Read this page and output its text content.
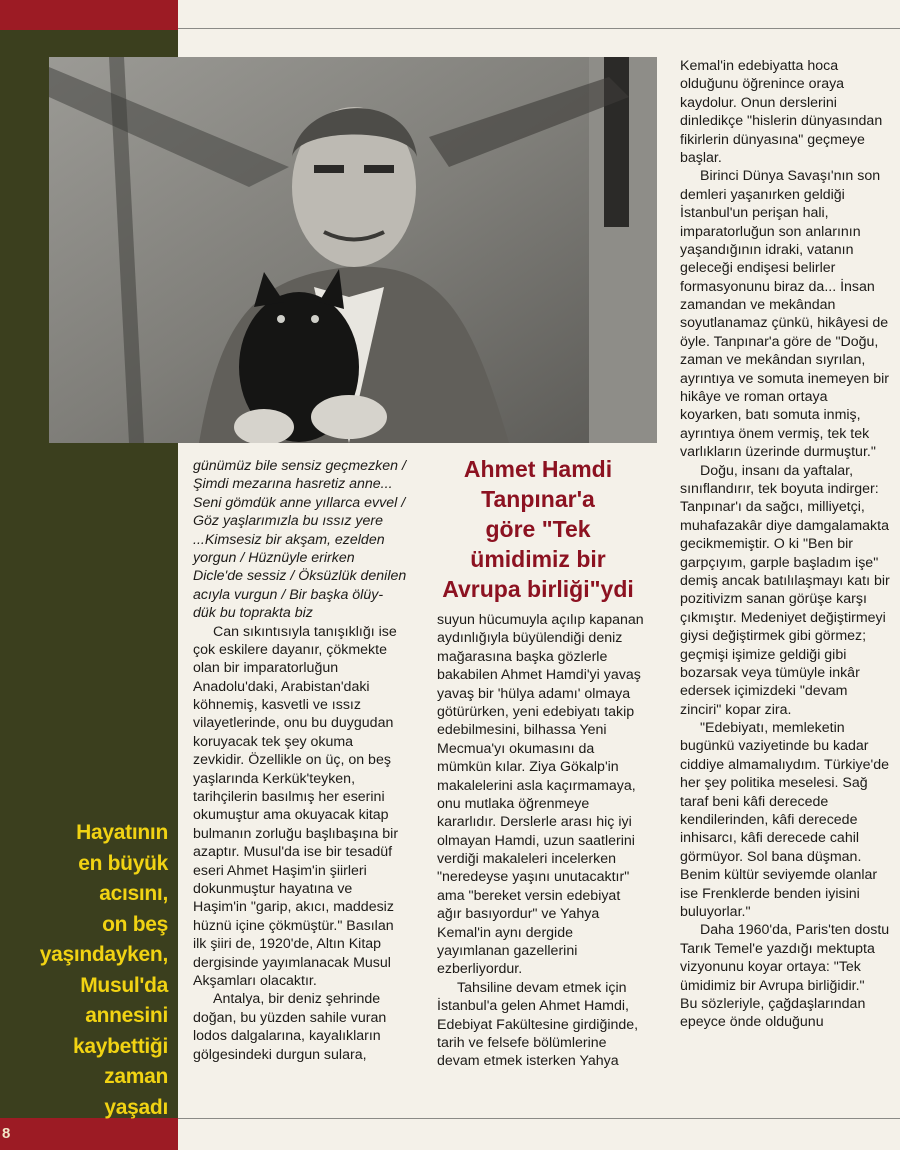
8
Ahmet Hamdi
Tanpınar'a
göre "Tek
ümidimiz bir
Avrupa birliği"ydi
Hayatının
en büyük
acısını,
on beş
yaşındayken,
Musul'da
annesini
kaybettiği
zaman
yaşadı
günümüz bile sensiz geçmezken /
Şimdi mezarına hasretiz anne...
Seni gömdük anne yıllarca evvel /
Göz yaşlarımızla bu ıssız yere
...Kimsesiz bir akşam, ezelden
yorgun / Hüznüyle erirken
Dicle'de sessiz / Öksüzlük denilen
acıyla vurgun / Bir başka ölüy-
dük bu toprakta biz
Can sıkıntısıyla tanışıklığı ise
çok eskilere dayanır, çökmekte
olan bir imparatorluğun
Anadolu'daki, Arabistan'daki
köhnemiş, kasvetli ve ıssız
vilayetlerinde, onu bu duygudan
koruyacak tek şey okuma
zevkidir. Özellikle on üç, on beş
yaşlarında Kerkük'teyken,
tarihçilerin basılmış her eserini
okumuştur ama okuyacak kitap
bulmanın zorluğu başlıbaşına bir
azaptır. Musul'da ise bir tesadüf
eseri Ahmet Haşim'in şiirleri
dokunmuştur hayatına ve
Haşim'in "garip, akıcı, maddesiz
hüznü içine çökmüştür." Basılan
ilk şiiri de, 1920'de, Altın Kitap
dergisinde yayımlanacak Musul
Akşamları olacaktır.
Antalya, bir deniz şehrinde
doğan, bu yüzden sahile vuran
lodos dalgalarına, kayalıkların
gölgesindeki durgun sulara,
suyun hücumuyla açılıp kapanan
aydınlığıyla büyülendiği deniz
mağarasına başka gözlerle
bakabilen Ahmet Hamdi'yi yavaş
yavaş bir 'hülya adamı' olmaya
götürürken, yeni edebiyatı takip
edebilmesini, bilhassa Yeni
Mecmua'yı okumasını da
mümkün kılar. Ziya Gökalp'in
makalelerini asla kaçırmamaya,
onu mutlaka öğrenmeye
kararlıdır. Derslerle arası hiç iyi
olmayan Hamdi, uzun saatlerini
verdiği makaleleri incelerken
"neredeyse yaşını unutacaktır"
ama "bereket versin edebiyat
ağır basıyordur" ve Yahya
Kemal'in aynı dergide
yayımlanan gazellerini
ezberliyordur.
Tahsiline devam etmek için
İstanbul'a gelen Ahmet Hamdi,
Edebiyat Fakültesine girdiğinde,
tarih ve felsefe bölümlerine
devam etmek isterken Yahya
Kemal'in edebiyatta hoca
olduğunu öğrenince oraya
kaydolur. Onun derslerini
dinledikçe "hislerin dünyasından
fikirlerin dünyasına" geçmeye
başlar.
Birinci Dünya Savaşı'nın son
demleri yaşanırken geldiği
İstanbul'un perişan hali,
imparatorluğun son anlarının
yaşandığının idraki, vatanın
geleceği endişesi belirler
formasyonunu biraz da... İnsan
zamandan ve mekândan
soyutlanamaz çünkü, hikâyesi de
öyle. Tanpınar'a göre de "Doğu,
zaman ve mekândan sıyrılan,
ayrıntıya ve somuta inemeyen bir
hikâye ve roman ortaya
koyarken, batı somuta inmiş,
ayrıntıya önem vermiş, tek tek
varlıkların üzerinde durmuştur."
Doğu, insanı da yaftalar,
sınıflandırır, tek boyuta indirger:
Tanpınar'ı da sağcı, milliyetçi,
muhafazakâr diye damgalamakta
gecikmemiştir. O ki "Ben bir
garpçıyım, garple başladım işe"
demiş ancak batılılaşmayı katı bir
pozitivizm sanan görüşe karşı
çıkmıştır. Medeniyet değiştirmeyi
giysi değiştirmek gibi görmez;
geçmişi işimize geldiği gibi
bozarsak veya tümüyle inkâr
edersek içimizdeki "devam
zinciri" kopar zira.
"Edebiyatı, memleketin
bugünkü vaziyetinde bu kadar
ciddiye almamalıydım. Türkiye'de
her şey politika meselesi. Sağ
taraf beni kâfi derecede
kendilerinden, kâfi derecede
inhisarcı, kâfi derecede cahil
görmüyor. Sol bana düşman.
Benim kültür seviyemde olanlar
ise Frenklerde benden iyisini
buluyorlar."
Daha 1960'da, Paris'ten dostu
Tarık Temel'e yazdığı mektupta
vizyonunu koyar ortaya: "Tek
ümidimiz bir Avrupa birliğidir."
Bu sözleriyle, çağdaşlarından
epeyce önde olduğunu
